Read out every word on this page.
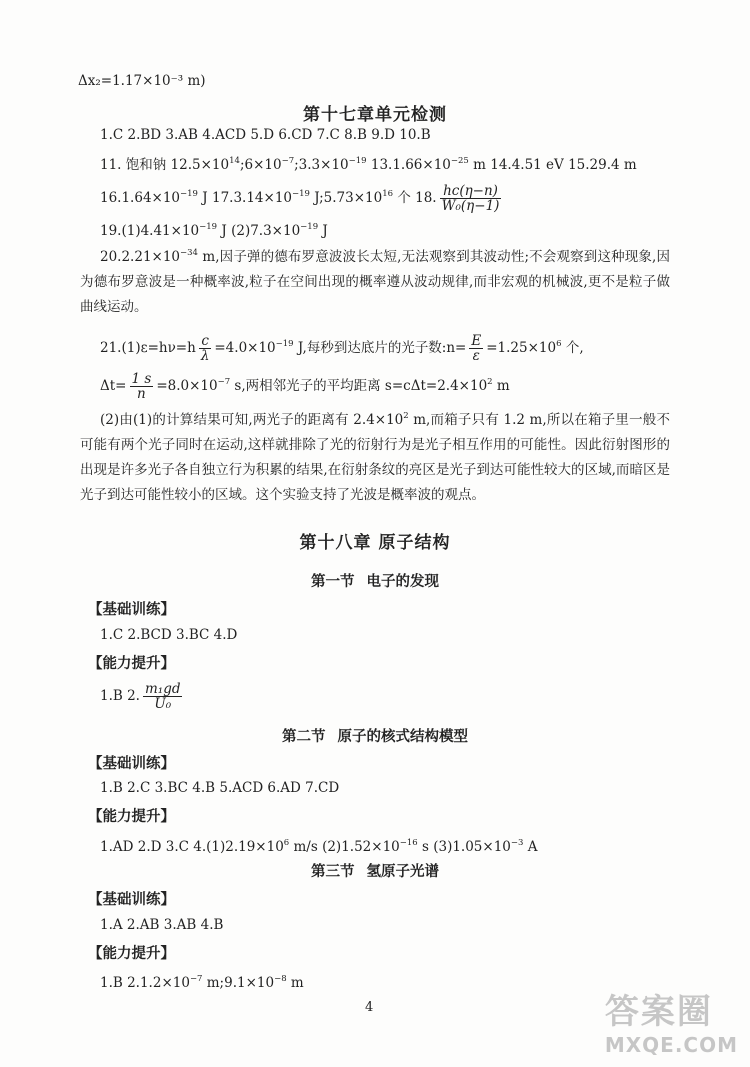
Δx₂=1.17×10⁻³ m)
第十七章单元检测
1.C 2.BD 3.AB 4.ACD 5.D 6.CD 7.C 8.B 9.D 10.B
11. 饱和钠 $12.5\times 10^{14};6\times 10^{-7};3.3\times 10^{-19}$ $13.1.66\times 10^{-25}$ m 14.4.51 eV 15.29.4 m
$16.1.64\times 10^{-19}$ J $17.3.14\times 10^{-19}$ $J;5.73\times 10^{16}$ 个 18. $\frac{hc(\eta-n)}{\text{W₀(η−1)}}$
$19.(1)4.41\times 10^{-19}$ J $(2)7.3\times 10^{-19}$ J
$20.2.21\times 10^{-34}$ m,因子弹的德布罗意波波长太短,无法观察到其波动性;不会观察到这种现象,因为德布罗意波是一种概率波,粒子在空间出现的概率遵从波动规律,而非宏观的机械波,更不是粒子做曲线运动。
$21.(1)\varepsilon=h\nu=h \frac{c}{\lambda} =4.0\times 10^{-19}$ J,每秒到达底片的光子数:n= $\frac{E}{\varepsilon} =1.25\times 10^6$ 个,
$\Delta t= \frac{1 s}{n} =8.0\times 10^{-7}$ s,两相邻光子的平均距离 $s=c\Delta t=2.4\times 10^2$ m
(2)由(1)的计算结果可知,两光子的距离有 $2.4\times 10^2$ m,而箱子只有 1.2 m,所以在箱子里一般不可能有两个光子同时在运动,这样就排除了光的衍射行为是光子相互作用的可能性。因此衍射图形的出现是许多光子各自独立行为积累的结果,在衍射条纹的亮区是光子到达可能性较大的区域,而暗区是光子到达可能性较小的区域。这个实验支持了光波是概率波的观点。
第十八章 原子结构
第一节 电子的发现
【基础训练】
1.C 2.BCD 3.BC 4.D
【能力提升】
1.B 2. $\frac{\text{m₁gd}}{\text{U₀}}$
第二节 原子的核式结构模型
【基础训练】
1.B 2.C 3.BC 4.B 5.ACD 6.AD 7.CD
【能力提升】
1.AD 2.D 3.C $4.(1)2.19\times 10^6$ m/s $(2)1.52\times 10^{-16}$ s $(3)1.05\times 10^{-3}$ A
第三节 氢原子光谱
【基础训练】
1.A 2.AB 3.AB 4.B
【能力提升】
1.B $2.1.2\times 10^{-7}$ $m;9.1\times 10^{-8}$ m
4	答案圈
MXQE.COM
